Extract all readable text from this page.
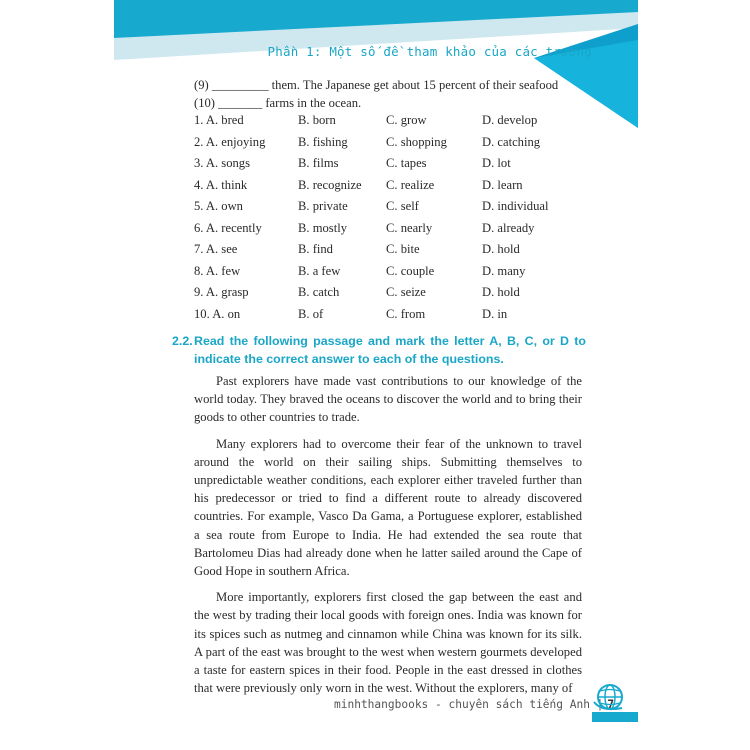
Phần 1: Một số đề tham khảo của các trường
(9) _________ them. The Japanese get about 15 percent of their seafood
(10) _______ farms in the ocean.
1. A. bred	B. born	C. grow	D. develop
2. A. enjoying	B. fishing	C. shopping	D. catching
3. A. songs	B. films	C. tapes	D. lot
4. A. think	B. recognize C. realize	D. learn
5. A. own	B. private	C. self	D. individual
6. A. recently	B. mostly	C. nearly	D. already
7. A. see	B. find	C. bite	D. hold
8. A. few	B. a few	C. couple	D. many
9. A. grasp	B. catch	C. seize	D. hold
10. A. on	B. of	C. from	D. in
2.2. Read the following passage and mark the letter A, B, C, or D to indicate the correct answer to each of the questions.

Past explorers have made vast contributions to our knowledge of the world today. They braved the oceans to discover the world and to bring their goods to other countries to trade.

Many explorers had to overcome their fear of the unknown to travel around the world on their sailing ships. Submitting themselves to unpredictable weather conditions, each explorer either traveled further than his predecessor or tried to find a different route to already discovered countries. For example, Vasco Da Gama, a Portuguese explorer, established a sea route from Europe to India. He had extended the sea route that Bartolomeu Dias had already done when he latter sailed around the Cape of Good Hope in southern Africa.

More importantly, explorers first closed the gap between the east and the west by trading their local goods with foreign ones. India was known for its spices such as nutmeg and cinnamon while China was known for its silk. A part of the east was brought to the west when western gourmets developed a taste for eastern spices in their food. People in the east dressed in clothes that were previously only worn in the west. Without the explorers, many of

minhthangbooks - chuyên sách tiếng Anh | 7
